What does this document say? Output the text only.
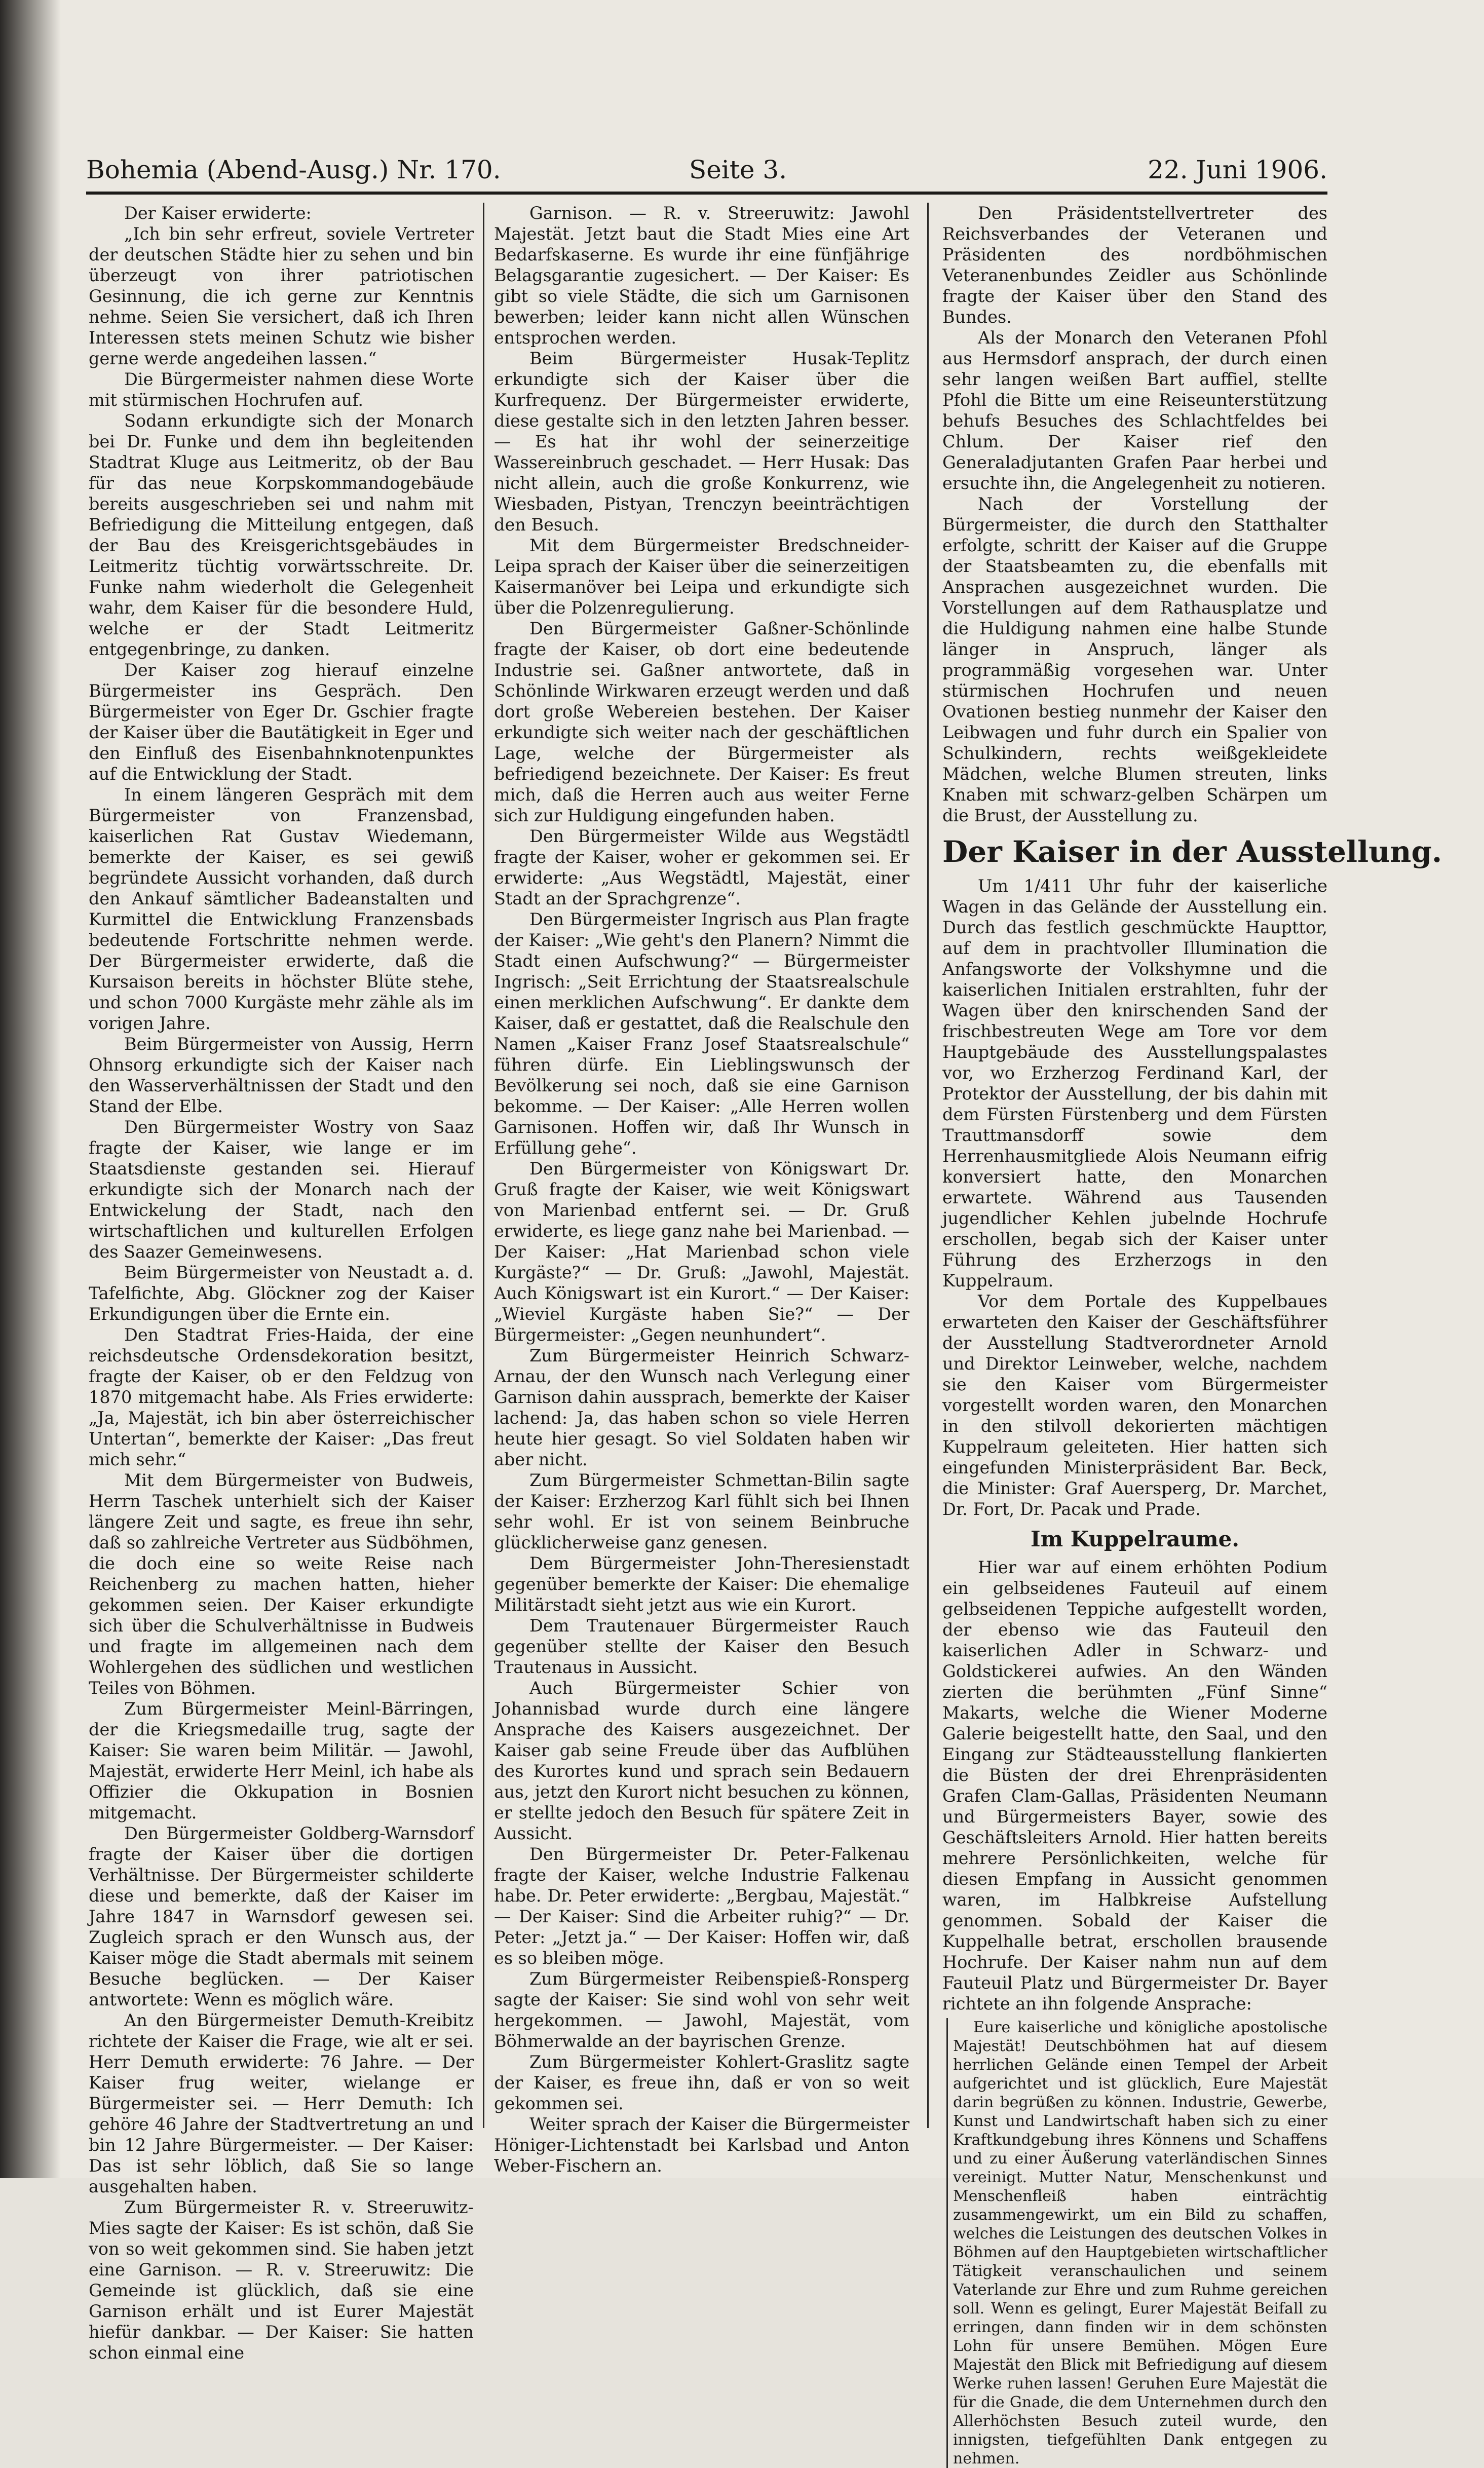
Bohemia (Abend-Ausg.) Nr. 170.	Seite 3.	22. Juni 1906.

Der Kaiser erwiderte:

„Ich bin sehr erfreut, soviele Vertreter der deutschen Städte hier zu sehen und bin überzeugt von ihrer patriotischen Gesinnung, die ich gerne zur Kenntnis nehme. Seien Sie versichert, daß ich Ihren Interessen stets meinen Schutz wie bisher gerne werde angedeihen lassen.“

Die Bürgermeister nahmen diese Worte mit stürmischen Hochrufen auf.

Sodann erkundigte sich der Monarch bei Dr. Funke und dem ihn begleitenden Stadtrat Kluge aus Leitmeritz, ob der Bau für das neue Korpskommandogebäude bereits ausgeschrieben sei und nahm mit Befriedigung die Mitteilung entgegen, daß der Bau des Kreisgerichtsgebäudes in Leitmeritz tüchtig vorwärtsschreite. Dr. Funke nahm wiederholt die Gelegenheit wahr, dem Kaiser für die besondere Huld, welche er der Stadt Leitmeritz entgegenbringe, zu danken.

Der Kaiser zog hierauf einzelne Bürgermeister ins Gespräch. Den Bürgermeister von Eger Dr. Gschier fragte der Kaiser über die Bautätigkeit in Eger und den Einfluß des Eisenbahnknotenpunktes auf die Entwicklung der Stadt.

In einem längeren Gespräch mit dem Bürgermeister von Franzensbad, kaiserlichen Rat Gustav Wiedemann, bemerkte der Kaiser, es sei gewiß begründete Aussicht vorhanden, daß durch den Ankauf sämtlicher Badeanstalten und Kurmittel die Entwicklung Franzensbads bedeutende Fortschritte nehmen werde. Der Bürgermeister erwiderte, daß die Kursaison bereits in höchster Blüte stehe, und schon 7000 Kurgäste mehr zähle als im vorigen Jahre.

Beim Bürgermeister von Aussig, Herrn Ohnsorg erkundigte sich der Kaiser nach den Wasserverhältnissen der Stadt und den Stand der Elbe.

Den Bürgermeister Wostry von Saaz fragte der Kaiser, wie lange er im Staatsdienste gestanden sei. Hierauf erkundigte sich der Monarch nach der Entwickelung der Stadt, nach den wirtschaftlichen und kulturellen Erfolgen des Saazer Gemeinwesens.

Beim Bürgermeister von Neustadt a. d. Tafelfichte, Abg. Glöckner zog der Kaiser Erkundigungen über die Ernte ein.

Den Stadtrat Fries-Haida, der eine reichsdeutsche Ordensdekoration besitzt, fragte der Kaiser, ob er den Feldzug von 1870 mitgemacht habe. Als Fries erwiderte: „Ja, Majestät, ich bin aber österreichischer Untertan“, bemerkte der Kaiser: „Das freut mich sehr.“

Mit dem Bürgermeister von Budweis, Herrn Taschek unterhielt sich der Kaiser längere Zeit und sagte, es freue ihn sehr, daß so zahlreiche Vertreter aus Südböhmen, die doch eine so weite Reise nach Reichenberg zu machen hatten, hieher gekommen seien. Der Kaiser erkundigte sich über die Schulverhältnisse in Budweis und fragte im allgemeinen nach dem Wohlergehen des südlichen und westlichen Teiles von Böhmen.

Zum Bürgermeister Meinl-Bärringen, der die Kriegsmedaille trug, sagte der Kaiser: Sie waren beim Militär. — Jawohl, Majestät, erwiderte Herr Meinl, ich habe als Offizier die Okkupation in Bosnien mitgemacht.

Den Bürgermeister Goldberg-Warnsdorf fragte der Kaiser über die dortigen Verhältnisse. Der Bürgermeister schilderte diese und bemerkte, daß der Kaiser im Jahre 1847 in Warnsdorf gewesen sei. Zugleich sprach er den Wunsch aus, der Kaiser möge die Stadt abermals mit seinem Besuche beglücken. — Der Kaiser antwortete: Wenn es möglich wäre.

An den Bürgermeister Demuth-Kreibitz richtete der Kaiser die Frage, wie alt er sei. Herr Demuth erwiderte: 76 Jahre. — Der Kaiser frug weiter, wielange er Bürgermeister sei. — Herr Demuth: Ich gehöre 46 Jahre der Stadtvertretung an und bin 12 Jahre Bürgermeister. — Der Kaiser: Das ist sehr löblich, daß Sie so lange ausgehalten haben.

Zum Bürgermeister R. v. Streeruwitz-Mies sagte der Kaiser: Es ist schön, daß Sie von so weit gekommen sind. Sie haben jetzt eine Garnison. — R. v. Streeruwitz: Die Gemeinde ist glücklich, daß sie eine Garnison erhält und ist Eurer Majestät hiefür dankbar. — Der Kaiser: Sie hatten schon einmal eine

Garnison. — R. v. Streeruwitz: Jawohl Majestät. Jetzt baut die Stadt Mies eine Art Bedarfskaserne. Es wurde ihr eine fünfjährige Belagsgarantie zugesichert. — Der Kaiser: Es gibt so viele Städte, die sich um Garnisonen bewerben; leider kann nicht allen Wünschen entsprochen werden.

Beim Bürgermeister Husak-Teplitz erkundigte sich der Kaiser über die Kurfrequenz. Der Bürgermeister erwiderte, diese gestalte sich in den letzten Jahren besser. — Es hat ihr wohl der seinerzeitige Wassereinbruch geschadet. — Herr Husak: Das nicht allein, auch die große Konkurrenz, wie Wiesbaden, Pistyan, Trenczyn beeinträchtigen den Besuch.

Mit dem Bürgermeister Bredschneider-Leipa sprach der Kaiser über die seinerzeitigen Kaisermanöver bei Leipa und erkundigte sich über die Polzenregulierung.

Den Bürgermeister Gaßner-Schönlinde fragte der Kaiser, ob dort eine bedeutende Industrie sei. Gaßner antwortete, daß in Schönlinde Wirkwaren erzeugt werden und daß dort große Webereien bestehen. Der Kaiser erkundigte sich weiter nach der geschäftlichen Lage, welche der Bürgermeister als befriedigend bezeichnete. Der Kaiser: Es freut mich, daß die Herren auch aus weiter Ferne sich zur Huldigung eingefunden haben.

Den Bürgermeister Wilde aus Wegstädtl fragte der Kaiser, woher er gekommen sei. Er erwiderte: „Aus Wegstädtl, Majestät, einer Stadt an der Sprachgrenze“.

Den Bürgermeister Ingrisch aus Plan fragte der Kaiser: „Wie geht's den Planern? Nimmt die Stadt einen Aufschwung?“ — Bürgermeister Ingrisch: „Seit Errichtung der Staatsrealschule einen merklichen Aufschwung“. Er dankte dem Kaiser, daß er gestattet, daß die Realschule den Namen „Kaiser Franz Josef Staatsrealschule“ führen dürfe. Ein Lieblingswunsch der Bevölkerung sei noch, daß sie eine Garnison bekomme. — Der Kaiser: „Alle Herren wollen Garnisonen. Hoffen wir, daß Ihr Wunsch in Erfüllung gehe“.

Den Bürgermeister von Königswart Dr. Gruß fragte der Kaiser, wie weit Königswart von Marienbad entfernt sei. — Dr. Gruß erwiderte, es liege ganz nahe bei Marienbad. — Der Kaiser: „Hat Marienbad schon viele Kurgäste?“ — Dr. Gruß: „Jawohl, Majestät. Auch Königswart ist ein Kurort.“ — Der Kaiser: „Wieviel Kurgäste haben Sie?“ — Der Bürgermeister: „Gegen neunhundert“.

Zum Bürgermeister Heinrich Schwarz-Arnau, der den Wunsch nach Verlegung einer Garnison dahin aussprach, bemerkte der Kaiser lachend: Ja, das haben schon so viele Herren heute hier gesagt. So viel Soldaten haben wir aber nicht.

Zum Bürgermeister Schmettan-Bilin sagte der Kaiser: Erzherzog Karl fühlt sich bei Ihnen sehr wohl. Er ist von seinem Beinbruche glücklicherweise ganz genesen.

Dem Bürgermeister John-Theresienstadt gegenüber bemerkte der Kaiser: Die ehemalige Militärstadt sieht jetzt aus wie ein Kurort.

Dem Trautenauer Bürgermeister Rauch gegenüber stellte der Kaiser den Besuch Trautenaus in Aussicht.

Auch Bürgermeister Schier von Johannisbad wurde durch eine längere Ansprache des Kaisers ausgezeichnet. Der Kaiser gab seine Freude über das Aufblühen des Kurortes kund und sprach sein Bedauern aus, jetzt den Kurort nicht besuchen zu können, er stellte jedoch den Besuch für spätere Zeit in Aussicht.

Den Bürgermeister Dr. Peter-Falkenau fragte der Kaiser, welche Industrie Falkenau habe. Dr. Peter erwiderte: „Bergbau, Majestät.“ — Der Kaiser: Sind die Arbeiter ruhig?“ — Dr. Peter: „Jetzt ja.“ — Der Kaiser: Hoffen wir, daß es so bleiben möge.

Zum Bürgermeister Reibenspieß-Ronsperg sagte der Kaiser: Sie sind wohl von sehr weit hergekommen. — Jawohl, Majestät, vom Böhmerwalde an der bayrischen Grenze.

Zum Bürgermeister Kohlert-Graslitz sagte der Kaiser, es freue ihn, daß er von so weit gekommen sei.

Weiter sprach der Kaiser die Bürgermeister Höniger-Lichtenstadt bei Karlsbad und Anton Weber-Fischern an.

Den Präsidentstellvertreter des Reichsverbandes der Veteranen und Präsidenten des nordböhmischen Veteranenbundes Zeidler aus Schönlinde fragte der Kaiser über den Stand des Bundes.

Als der Monarch den Veteranen Pfohl aus Hermsdorf ansprach, der durch einen sehr langen weißen Bart auffiel, stellte Pfohl die Bitte um eine Reiseunterstützung behufs Besuches des Schlachtfeldes bei Chlum. Der Kaiser rief den Generaladjutanten Grafen Paar herbei und ersuchte ihn, die Angelegenheit zu notieren.

Nach der Vorstellung der Bürgermeister, die durch den Statthalter erfolgte, schritt der Kaiser auf die Gruppe der Staatsbeamten zu, die ebenfalls mit Ansprachen ausgezeichnet wurden. Die Vorstellungen auf dem Rathausplatze und die Huldigung nahmen eine halbe Stunde länger in Anspruch, länger als programmäßig vorgesehen war. Unter stürmischen Hochrufen und neuen Ovationen bestieg nunmehr der Kaiser den Leibwagen und fuhr durch ein Spalier von Schulkindern, rechts weißgekleidete Mädchen, welche Blumen streuten, links Knaben mit schwarz-gelben Schärpen um die Brust, der Ausstellung zu.

Der Kaiser in der Ausstellung.

Um 1/411 Uhr fuhr der kaiserliche Wagen in das Gelände der Ausstellung ein. Durch das festlich geschmückte Haupttor, auf dem in prachtvoller Illumination die Anfangsworte der Volkshymne und die kaiserlichen Initialen erstrahlten, fuhr der Wagen über den knirschenden Sand der frischbestreuten Wege am Tore vor dem Hauptgebäude des Ausstellungspalastes vor, wo Erzherzog Ferdinand Karl, der Protektor der Ausstellung, der bis dahin mit dem Fürsten Fürstenberg und dem Fürsten Trauttmansdorff sowie dem Herrenhausmitgliede Alois Neumann eifrig konversiert hatte, den Monarchen erwartete. Während aus Tausenden jugendlicher Kehlen jubelnde Hochrufe erschollen, begab sich der Kaiser unter Führung des Erzherzogs in den Kuppelraum.

Vor dem Portale des Kuppelbaues erwarteten den Kaiser der Geschäftsführer der Ausstellung Stadtverordneter Arnold und Direktor Leinweber, welche, nachdem sie den Kaiser vom Bürgermeister vorgestellt worden waren, den Monarchen in den stilvoll dekorierten mächtigen Kuppelraum geleiteten. Hier hatten sich eingefunden Ministerpräsident Bar. Beck, die Minister: Graf Auersperg, Dr. Marchet, Dr. Fort, Dr. Pacak und Prade.

Im Kuppelraume.

Hier war auf einem erhöhten Podium ein gelbseidenes Fauteuil auf einem gelbseidenen Teppiche aufgestellt worden, der ebenso wie das Fauteuil den kaiserlichen Adler in Schwarz- und Goldstickerei aufwies. An den Wänden zierten die berühmten „Fünf Sinne“ Makarts, welche die Wiener Moderne Galerie beigestellt hatte, den Saal, und den Eingang zur Städteausstellung flankierten die Büsten der drei Ehrenpräsidenten Grafen Clam-Gallas, Präsidenten Neumann und Bürgermeisters Bayer, sowie des Geschäftsleiters Arnold. Hier hatten bereits mehrere Persönlichkeiten, welche für diesen Empfang in Aussicht genommen waren, im Halbkreise Aufstellung genommen. Sobald der Kaiser die Kuppelhalle betrat, erschollen brausende Hochrufe. Der Kaiser nahm nun auf dem Fauteuil Platz und Bürgermeister Dr. Bayer richtete an ihn folgende Ansprache:

Eure kaiserliche und königliche apostolische Majestät! Deutschböhmen hat auf diesem herrlichen Gelände einen Tempel der Arbeit aufgerichtet und ist glücklich, Eure Majestät darin begrüßen zu können. Industrie, Gewerbe, Kunst und Landwirtschaft haben sich zu einer Kraftkundgebung ihres Könnens und Schaffens und zu einer Äußerung vaterländischen Sinnes vereinigt. Mutter Natur, Menschenkunst und Menschenfleiß haben einträchtig zusammengewirkt, um ein Bild zu schaffen, welches die Leistungen des deutschen Volkes in Böhmen auf den Hauptgebieten wirtschaftlicher Tätigkeit veranschaulichen und seinem Vaterlande zur Ehre und zum Ruhme gereichen soll. Wenn es gelingt, Eurer Majestät Beifall zu erringen, dann finden wir in dem schönsten Lohn für unsere Bemühen. Mögen Eure Majestät den Blick mit Befriedigung auf diesem Werke ruhen lassen! Geruhen Eure Majestät die für die Gnade, die dem Unternehmen durch den Allerhöchsten Besuch zuteil wurde, den innigsten, tiefgefühlten Dank entgegen zu nehmen.
